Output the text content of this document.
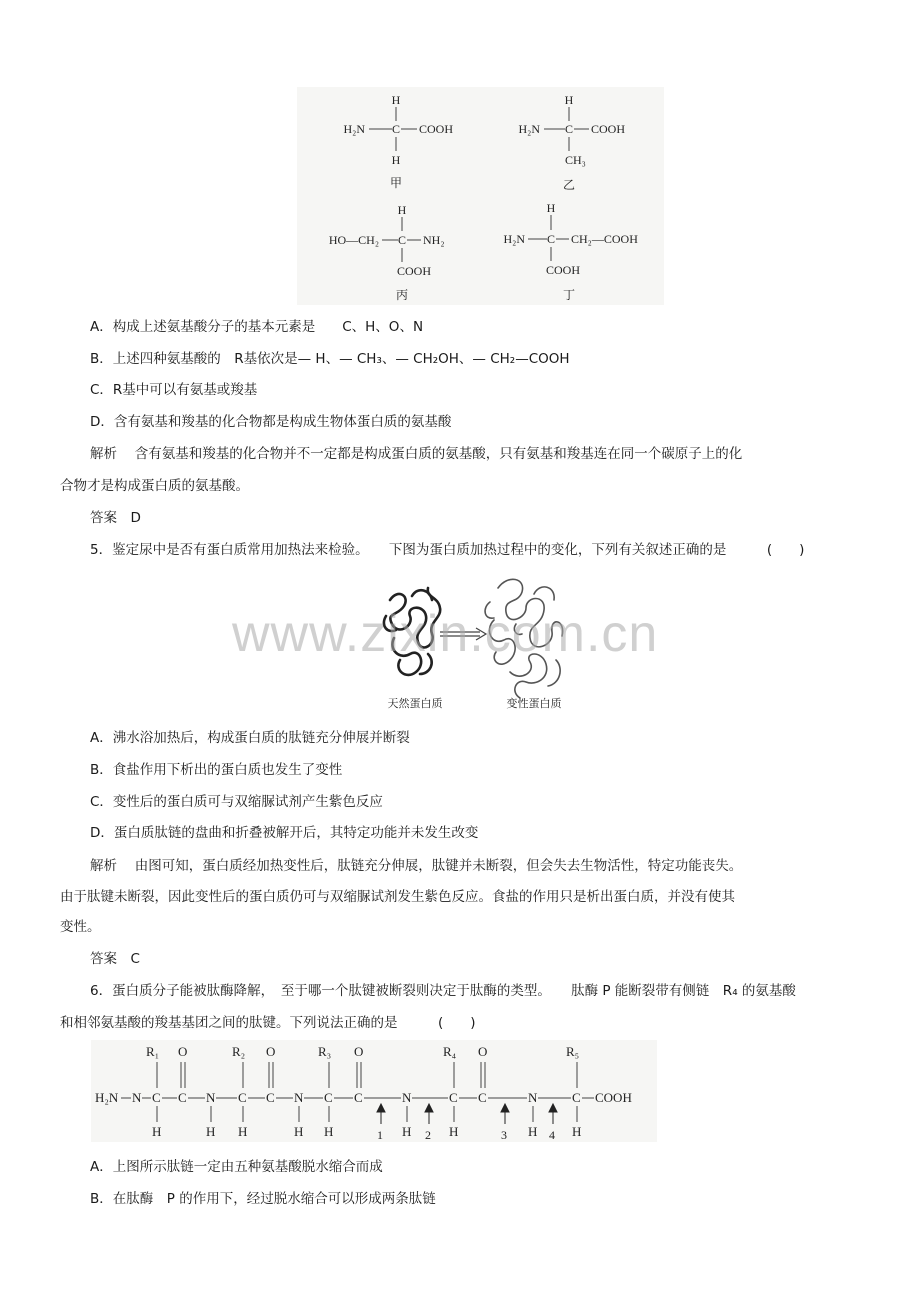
H
H₂N C COOH
H
甲
H
H₂N C COOH
CH₃
乙
H
HO—CH₂ C NH₂
COOH
丙
H
H₂N C CH₂—COOH
COOH
丁
A．构成上述氨基酸分子的基本元素是　　C、H、O、N
B．上述四种氨基酸的　R基依次是— H、— CH₃、— CH₂OH、— CH₂—COOH
C．R基中可以有氨基或羧基
D．含有氨基和羧基的化合物都是构成生物体蛋白质的氨基酸
解析　 含有氨基和羧基的化合物并不一定都是构成蛋白质的氨基酸，只有氨基和羧基连在同一个碳原子上的化
合物才是构成蛋白质的氨基酸。
答案　D
5．鉴定尿中是否有蛋白质常用加热法来检验。　　下图为蛋白质加热过程中的变化，下列有关叙述正确的是　　　(　　)
天然蛋白质	变性蛋白质
www.zixin.com.cn
A．沸水浴加热后，构成蛋白质的肽链充分伸展并断裂
B．食盐作用下析出的蛋白质也发生了变性
C．变性后的蛋白质可与双缩脲试剂产生紫色反应
D．蛋白质肽链的盘曲和折叠被解开后，其特定功能并未发生改变
解析　 由图可知，蛋白质经加热变性后，肽链充分伸展，肽键并未断裂，但会失去生物活性，特定功能丧失。
由于肽键未断裂，因此变性后的蛋白质仍可与双缩脲试剂发生紫色反应。食盐的作用只是析出蛋白质，并没有使其
变性。
答案　C
6．蛋白质分子能被肽酶降解，　至于哪一个肽键被断裂则决定于肽酶的类型。　　肽酶 P 能断裂带有侧链　R₄ 的氨基酸
和相邻氨基酸的羧基基团之间的肽键。下列说法正确的是　　　(　　)
H₂N N C
R₁
H
C
O
N
H
C
R₂
H
C
O
N
H
C
R₃
H
C
O
N
H
C
R₄
H
C
O
N
H
C
R₅
H
COOH
1	2	3	4
A．上图所示肽链一定由五种氨基酸脱水缩合而成
B．在肽酶　P 的作用下，经过脱水缩合可以形成两条肽链
